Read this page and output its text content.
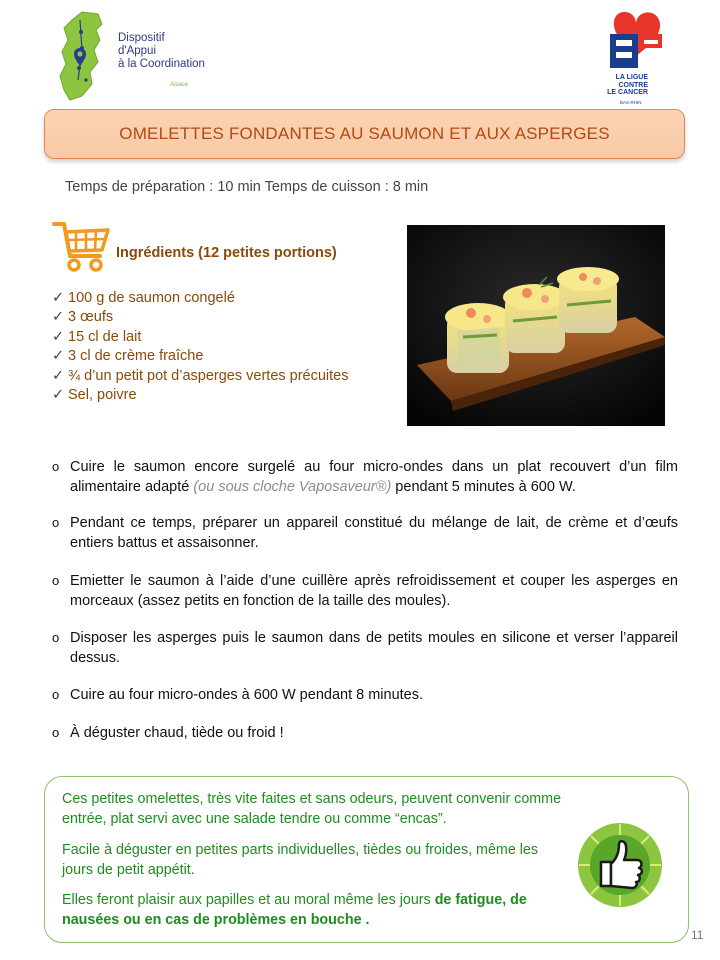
Dispositif
d'Appui
à la Coordination
Alsace
LA LIGUE
CONTRE
LE CANCER
BAS-RHIN
OMELETTES FONDANTES AU SAUMON ET AUX ASPERGES
Temps de préparation : 10 min Temps de cuisson : 8 min
Ingrédients (12 petites portions)
✓ 100 g de saumon congelé
✓ 3 œufs
✓ 15 cl de lait
✓ 3 cl de crème fraîche
✓ ¾ d’un petit pot d’asperges vertes précuites
✓ Sel, poivre
o Cuire le saumon encore surgelé au four micro-ondes dans un plat recouvert d’un film alimentaire adapté (ou sous cloche Vaposaveur®) pendant 5 minutes à 600 W.
o Pendant ce temps, préparer un appareil constitué du mélange de lait, de crème et d’œufs entiers battus et assaisonner.
o Emietter le saumon à l’aide d’une cuillère après refroidissement et couper les asperges en morceaux (assez petits en fonction de la taille des moules).
o Disposer les asperges puis le saumon dans de petits moules en silicone et verser l’appareil dessus.
o Cuire au four micro-ondes à 600 W pendant 8 minutes.
o À déguster chaud, tiède ou froid !

Ces petites omelettes, très vite faites et sans odeurs, peuvent convenir comme entrée, plat servi avec une salade tendre ou comme “encas”.

Facile à déguster en petites parts individuelles, tièdes ou froides, même les jours de petit appétit.

Elles feront plaisir aux papilles et au moral même les jours de fatigue, de nausées ou en cas de problèmes en bouche .

11
